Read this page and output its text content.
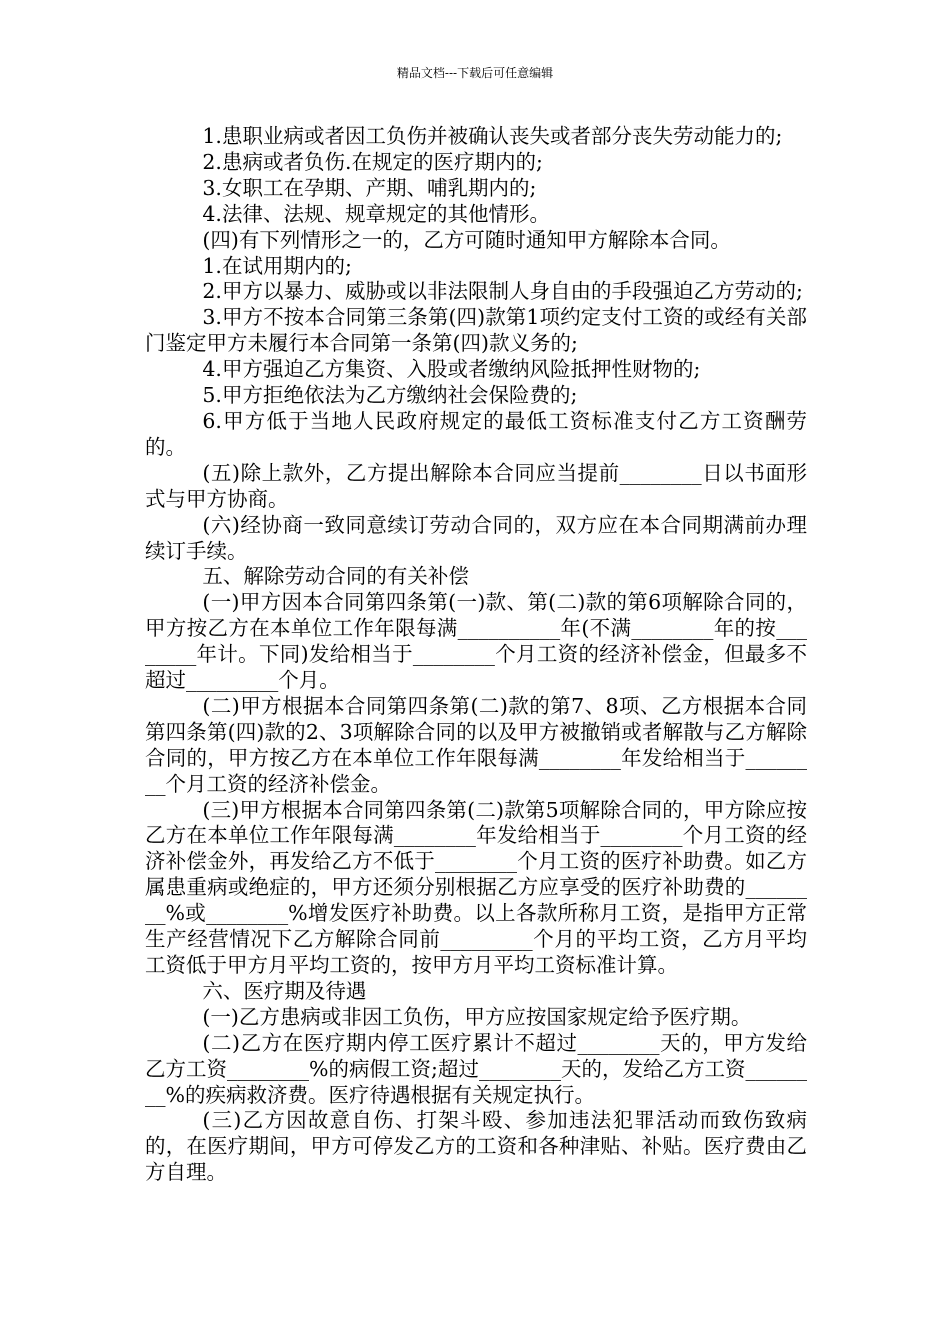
精品文档---下载后可任意编辑

1.患职业病或者因工负伤并被确认丧失或者部分丧失劳动能力的;

2.患病或者负伤.在规定的医疗期内的;

3.女职工在孕期、产期、哺乳期内的;

4.法律、法规、规章规定的其他情形。

(四)有下列情形之一的，乙方可随时通知甲方解除本合同。

1.在试用期内的;

2.甲方以暴力、威胁或以非法限制人身自由的手段强迫乙方劳动的;

3.甲方不按本合同第三条第(四)款第1项约定支付工资的或经有关部门鉴定甲方未履行本合同第一条第(四)款义务的;

4.甲方强迫乙方集资、入股或者缴纳风险抵押性财物的;

5.甲方拒绝依法为乙方缴纳社会保险费的;

6.甲方低于当地人民政府规定的最低工资标准支付乙方工资酬劳的。

(五)除上款外，乙方提出解除本合同应当提前________日以书面形式与甲方协商。

(六)经协商一致同意续订劳动合同的，双方应在本合同期满前办理续订手续。

五、解除劳动合同的有关补偿

(一)甲方因本合同第四条第(一)款、第(二)款的第6项解除合同的，甲方按乙方在本单位工作年限每满__________年(不满________年的按________年计。下同)发给相当于________个月工资的经济补偿金，但最多不超过_________个月。

(二)甲方根据本合同第四条第(二)款的第7、8项、乙方根据本合同第四条第(四)款的2、3项解除合同的以及甲方被撤销或者解散与乙方解除合同的，甲方按乙方在本单位工作年限每满________年发给相当于________个月工资的经济补偿金。

(三)甲方根据本合同第四条第(二)款第5项解除合同的，甲方除应按乙方在本单位工作年限每满________年发给相当于________个月工资的经济补偿金外，再发给乙方不低于________个月工资的医疗补助费。如乙方属患重病或绝症的，甲方还须分别根据乙方应享受的医疗补助费的________%或________%增发医疗补助费。以上各款所称月工资，是指甲方正常生产经营情况下乙方解除合同前_________个月的平均工资，乙方月平均工资低于甲方月平均工资的，按甲方月平均工资标准计算。

六、医疗期及待遇

(一)乙方患病或非因工负伤，甲方应按国家规定给予医疗期。

(二)乙方在医疗期内停工医疗累计不超过________天的，甲方发给乙方工资________%的病假工资;超过________天的，发给乙方工资________%的疾病救济费。医疗待遇根据有关规定执行。

(三)乙方因故意自伤、打架斗殴、参加违法犯罪活动而致伤致病的，在医疗期间，甲方可停发乙方的工资和各种津贴、补贴。医疗费由乙方自理。
